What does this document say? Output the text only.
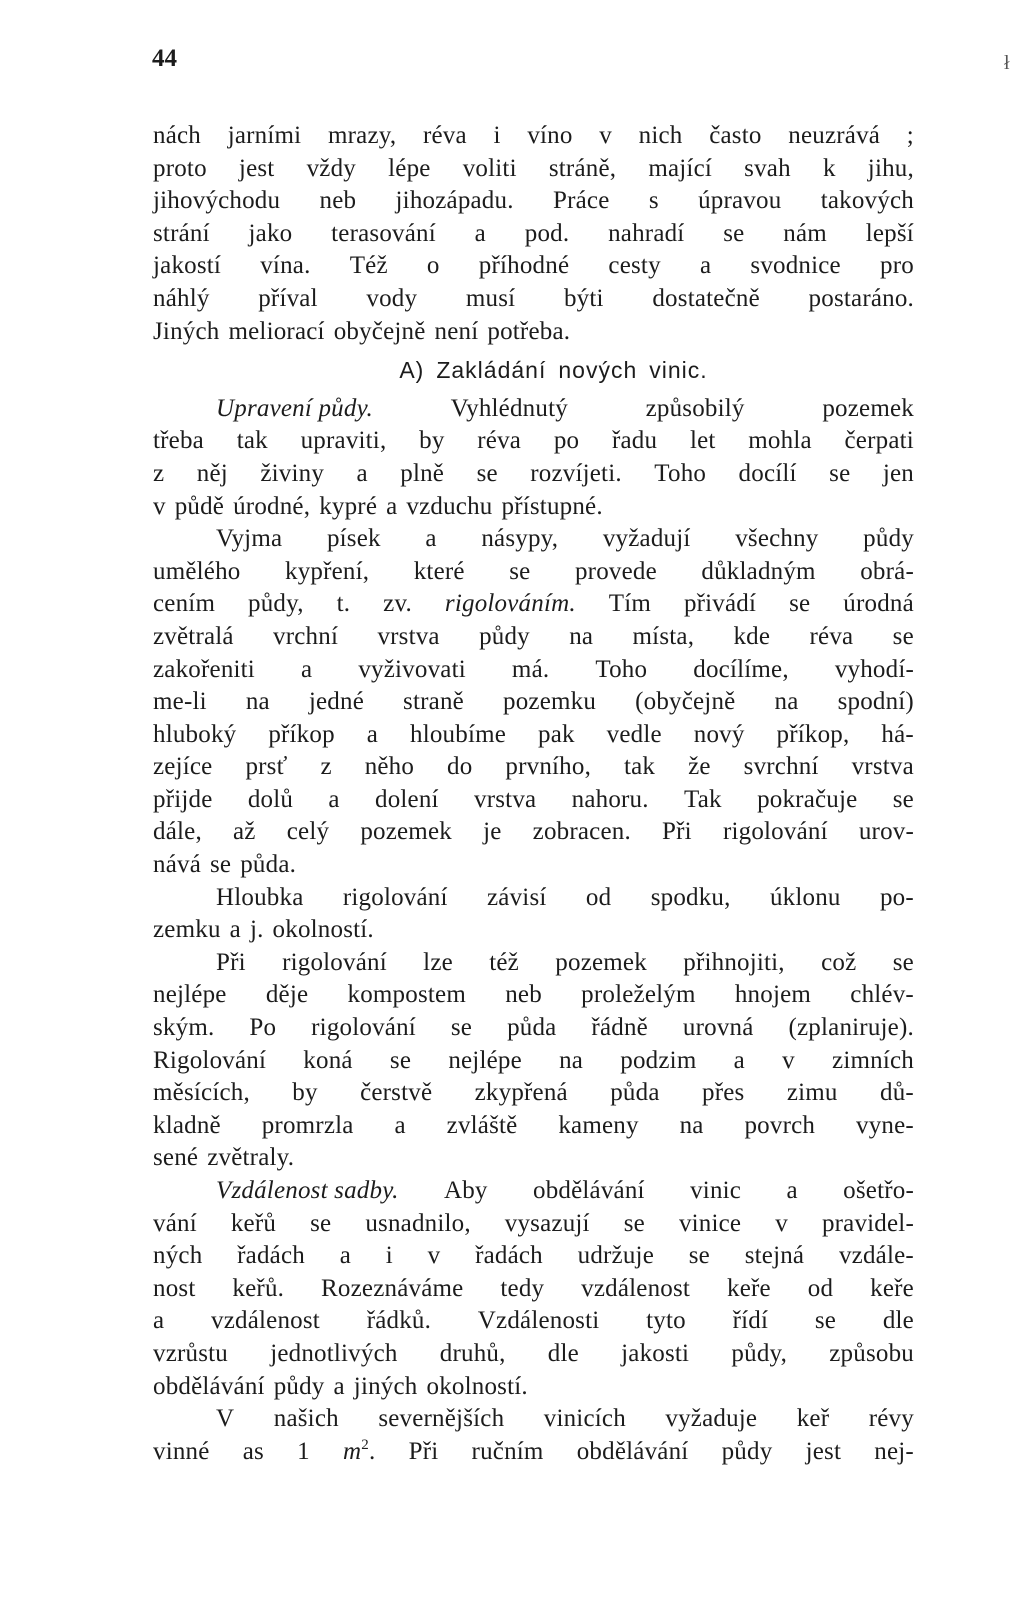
44	ł
nách jarními mrazy, réva i víno v nich často neuzrává ;
proto jest vždy lépe voliti stráně, mající svah k jihu,
jihovýchodu neb jihozápadu. Práce s úpravou takových
strání jako terasování a pod. nahradí se nám lepší
jakostí vína. Též o příhodné cesty a svodnice pro
náhlý příval vody musí býti dostatečně postaráno.
Jiných meliorací obyčejně není potřeba.
A) Zakládání nových vinic.
Upravení půdy.	Vyhlédnutý	způsobilý	pozemek
třeba tak upraviti, by réva po řadu let mohla čerpati
z něj živiny a plně se rozvíjeti. Toho docílí se jen
v půdě úrodné, kypré a vzduchu přístupné.
Vyjma písek a násypy, vyžadují všechny půdy
umělého kypření, které se provede důkladným obrá-
cením půdy, t. zv. rigolováním. Tím přivádí se úrodná
zvětralá vrchní vrstva půdy na místa, kde réva se
zakořeniti a vyživovati má. Toho docílíme, vyhodí-
me-li na jedné straně pozemku (obyčejně na spodní)
hluboký příkop a hloubíme pak vedle nový příkop, há-
zejíce prsť z něho do prvního, tak že svrchní vrstva
přijde dolů a dolení vrstva nahoru. Tak pokračuje se
dále, až celý pozemek je zobracen. Při rigolování urov-
nává se půda.
Hloubka rigolování závisí od spodku, úklonu po-
zemku a j. okolností.
Při rigolování lze též pozemek přihnojiti, což se
nejlépe děje kompostem neb proleželým hnojem chlév-
ským. Po rigolování se půda řádně urovná (zplaniruje).
Rigolování koná se nejlépe na podzim a v zimních
měsících, by čerstvě zkypřená půda přes zimu dů-
kladně promrzla a zvláště kameny na povrch vyne-
sené zvětraly.
Vzdálenost sadby. Aby obdělávání vinic a ošetřo-
vání keřů se usnadnilo, vysazují se vinice v pravidel-
ných řadách a i v řadách udržuje se stejná vzdále-
nost keřů. Rozeznáváme tedy vzdálenost keře od keře
a vzdálenost řádků. Vzdálenosti tyto řídí se dle
vzrůstu jednotlivých druhů, dle jakosti půdy, způsobu
obdělávání půdy a jiných okolností.
V našich severnějších vinicích vyžaduje keř révy
vinné as 1 $m^2$. Při ručním obdělávání půdy jest nej-
